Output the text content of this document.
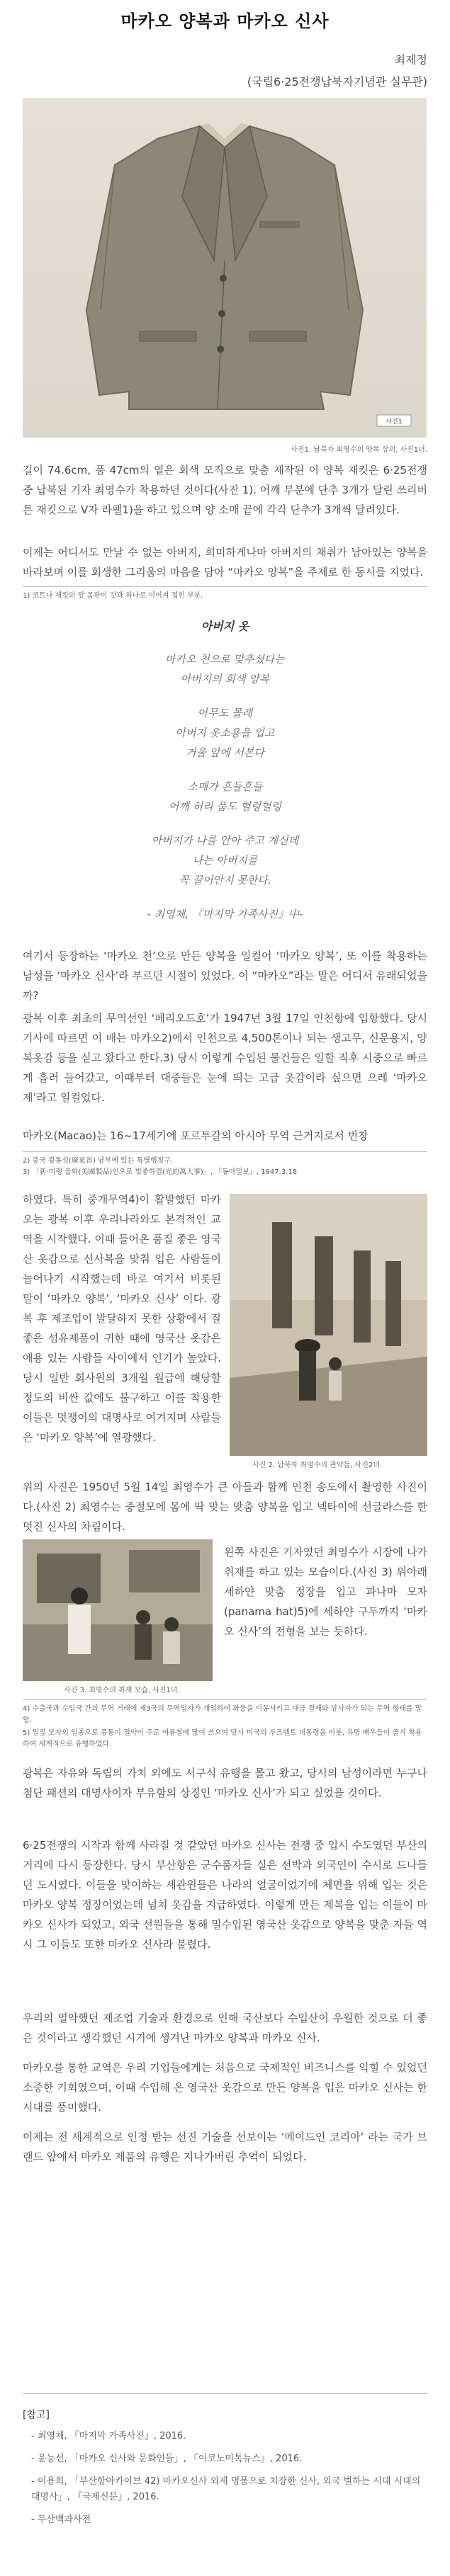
마카오 양복과 마카오 신사
최제정
(국립6·25전쟁납북자기념관 실무관)
사진1
사진1. 납북자 최영수의 양복 상의, 사진1녀.
길이 74.6cm, 품 47cm의 옅은 회색 모직으로 맞춤 제작된 이 양복 재킷은 6·25전쟁 중 납북된 기자 최영수가 착용하던 것이다(사진 1). 어깨 부분에 단추 3개가 달린 쓰리버튼 재킷으로 V자 라펠1)을 하고 있으며 양 소매 끝에 각각 단추가 3개씩 달려있다.
이제는 어디서도 만날 수 없는 아버지, 희미하게나마 아버지의 채취가 남아있는 양복을 바라보며 이를 회생한 그리움의 마음을 담아 “마카오 양복”을 주제로 한 동시를 지었다.
1) 코트나 재킷의 앞 몸판이 깃과 하나로 이어져 접힌 부분.
아버지 옷
마카오 천으로 맞추셨다는
아버지의 회색 양복
아무도 몰래
아버지 옷소용을 입고
거울 앞에 서본다
소매가 흔들흔들
어깨 허리 품도 헐렁헐렁
아버지가 나를 안아 주고 계신데
나는 아버지를
꼭 끌어안지 못한다.
- 최영체, 『마지막 가족사진』中-
여기서 등장하는 ‘마카오 천’으로 만든 양복을 일컬어 ‘마카오 양복’, 또 이를 착용하는 남성을 ‘마카오 신사’라 부르던 시절이 있었다. 이 “마카오”라는 말은 어디서 유래되었을까?
광복 이후 최초의 무역선인 ‘페리오드호’가 1947년 3월 17일 인천항에 입항했다. 당시 기사에 따르면 이 배는 마카오2)에서 인천으로 4,500톤이나 되는 생고무, 신문용지, 양복옷감 등을 싣고 왔다고 한다.3) 당시 이렇게 수입된 물건들은 일할 직후 시중으로 빠르게 흘러 들어갔고, 이때부터 대중들은 눈에 띄는 고급 옷감이라 싶으면 으레 ‘마카오제’라고 일컬었다.
마카오(Macao)는 16~17세기에 포르투갈의 아시아 무역 근거지로서 번창
2) 중국 광동성(廣東省) 남부에 있는 특별행정구.
3) 「新·미랭 물화(美國製品)인으로 빛좋하결(光的萬大事)」, 『동아일보』, 1947.3.18
하였다. 특히 중개무역4)이 활발했던 마카오는 광복 이후 우리나라와도 본격적인 교역을 시작했다. 이때 들어온 품질 좋은 영국산 옷감으로 신사복을 맞춰 입은 사람들이 늘어나기 시작했는데 바로 여기서 비롯된 말이 ‘마카오 양복’, ‘마카오 신사’ 이다. 광복 후 제조업이 발달하지 못한 상황에서 질 좋은 섬유제품이 귀한 때에 영국산 옷감은 애용 있는 사람들 사이에서 인기가 높았다. 당시 일반 회사원의 3개월 월급에 해당할 정도의 비싼 값에도 불구하고 이를 착용한 이들은 멋쟁이의 대명사로 여겨지며 사람들은 ‘마카오 양복’에 열광했다.
사진 2. 납북자 최영수의 관약들, 사진2녀.
위의 사진은 1950년 5월 14일 최영수가 큰 아들과 함께 인천 송도에서 촬영한 사진이다.(사진 2) 최영수는 중절모에 몸에 딱 맞는 맞춤 양복을 입고 넥타이에 선글라스를 한 멋진 신사의 차림이다.
사진 3. 최영수의 취재 모습, 사진1녀.
왼쪽 사진은 기자였던 최영수가 시장에 나가 취재를 하고 있는 모습이다.(사진 3) 위아래 세하얀 맞춤 정장을 입고 파나마 모자(panama hat)5)에 세하얀 구두까지 ‘마카오 신사’의 전형을 보는 듯하다.
4) 수출국과 수입국 간의 무역 거래에 제3국의 무역업자가 개입하여 화물을 이동시키고 대금 결제와 당사자가 되는 무역 형태를 말함.
5) 밀짚 모자의 일종으로 풍통이 절약이 주로 여름철에 많이 쓰으며 당시 미국의 루즈벨트 대통령을 비롯, 유명 배우들이 즐겨 착용하여 세계적으로 유행하였다.
광복은 자유와 독립의 가치 외에도 서구식 유행을 몰고 왔고, 당시의 남성이라면 누구나 첨단 패션의 대명사이자 부유함의 상징인 ‘마카오 신사’가 되고 싶었을 것이다.
6·25전쟁의 시작과 함께 사라질 것 같았던 마카오 신사는 전쟁 중 입시 수도였던 부산의 거리에 다시 등장한다. 당시 부산항은 군수품자들 실은 선박과 외국인이 수시로 드나들던 도시였다. 이들을 맞이하는 세관원들은 나라의 얼굴이었기에 체면을 위해 입는 것은 마카오 양복 정장이었는데 넘쳐 옷감을 지급하였다. 이렇게 만든 제복을 입는 이들이 마카오 신사가 되었고, 외국 선원들을 통해 밀수입된 영국산 옷감으로 양복을 맞춘 자들 역시 그 이들도 또한 마카오 신사라 불렸다.
우리의 열악했던 제조업 기술과 환경으로 인해 국산보다 수입산이 우월한 것으로 더 좋은 것이라고 생각했던 시기에 생겨난 마카오 양복과 마카오 신사.
마카오를 통한 교역은 우리 기업들에게는 처음으로 국제적인 비즈니스를 익힐 수 있었던 소중한 기회였으며, 이때 수입해 온 영국산 옷감으로 만든 양복을 입은 마카오 신사는 한 시대를 풍미했다.
이제는 전 세계적으로 인정 받는 선진 기술을 선보이는 ‘메이드인 코리아’ 라는 국가 브랜드 앞에서 마카오 제품의 유행은 지나가버린 추억이 되었다.
[참고]
- 최영체, 『마지막 가족사진』, 2016.
- 윤능선, 「마카오 신사와 문화인들」, 『이코노미톡뉴스』, 2016.
- 이용희, 「부산항아카이브 42) 마카오신사 외제 명품으로 치장한 신사, 외국 벌하는 시대 시대의 대명사」, 『국제신문』, 2016.
- 두산백과사전
